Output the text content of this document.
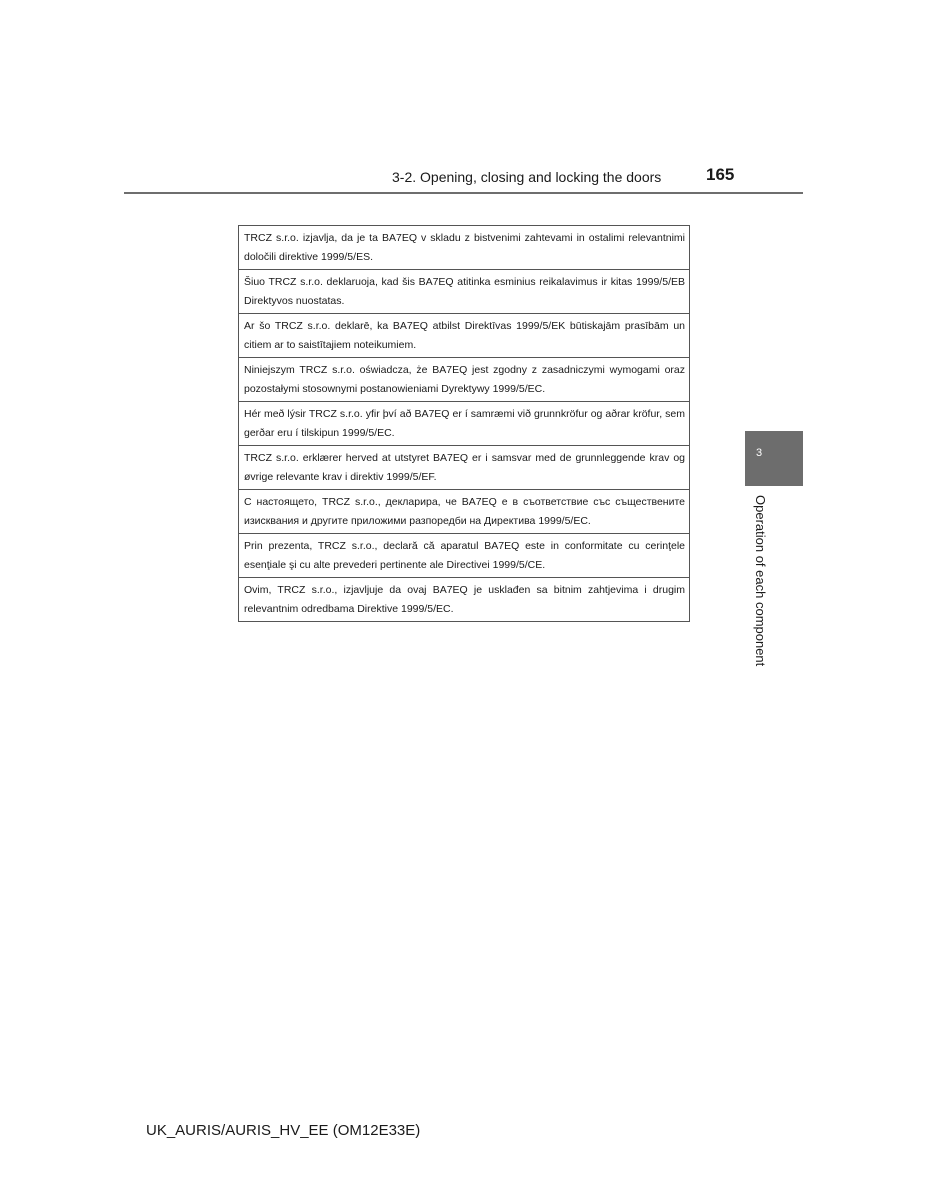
3-2. Opening, closing and locking the doors	165
TRCZ s.r.o. izjavlja, da je ta BA7EQ v skladu z bistvenimi zahtevami in ostalimi relevantnimi določili direktive 1999/5/ES.
Šiuo TRCZ s.r.o. deklaruoja, kad šis BA7EQ atitinka esminius reikalavimus ir kitas 1999/5/EB Direktyvos nuostatas.
Ar šo TRCZ s.r.o. deklarē, ka BA7EQ atbilst Direktīvas 1999/5/EK būtiskajām prasībām un citiem ar to saistītajiem noteikumiem.
Niniejszym TRCZ s.r.o. oświadcza, że BA7EQ jest zgodny z zasadniczymi wymogami oraz pozostałymi stosownymi postanowieniami Dyrektywy 1999/5/EC.
Hér með lýsir TRCZ s.r.o. yfir því að BA7EQ er í samræmi við grunnkröfur og aðrar kröfur, sem gerðar eru í tilskipun 1999/5/EC.
TRCZ s.r.o. erklærer herved at utstyret BA7EQ er i samsvar med de grunnleggende krav og øvrige relevante krav i direktiv 1999/5/EF.
С настоящето, TRCZ s.r.o., декларира, че BA7EQ е в съответствие със съществените изисквания и другите приложими разпоредби на Директива 1999/5/EC.
Prin prezenta, TRCZ s.r.o., declară că aparatul BA7EQ este in conformitate cu cerinţele esenţiale şi cu alte prevederi pertinente ale Directivei 1999/5/CE.
Ovim, TRCZ s.r.o., izjavljuje da ovaj BA7EQ je usklađen sa bitnim zahtjevima i drugim relevantnim odredbama Direktive 1999/5/EC.
3
Operation of each component
UK_AURIS/AURIS_HV_EE (OM12E33E)
